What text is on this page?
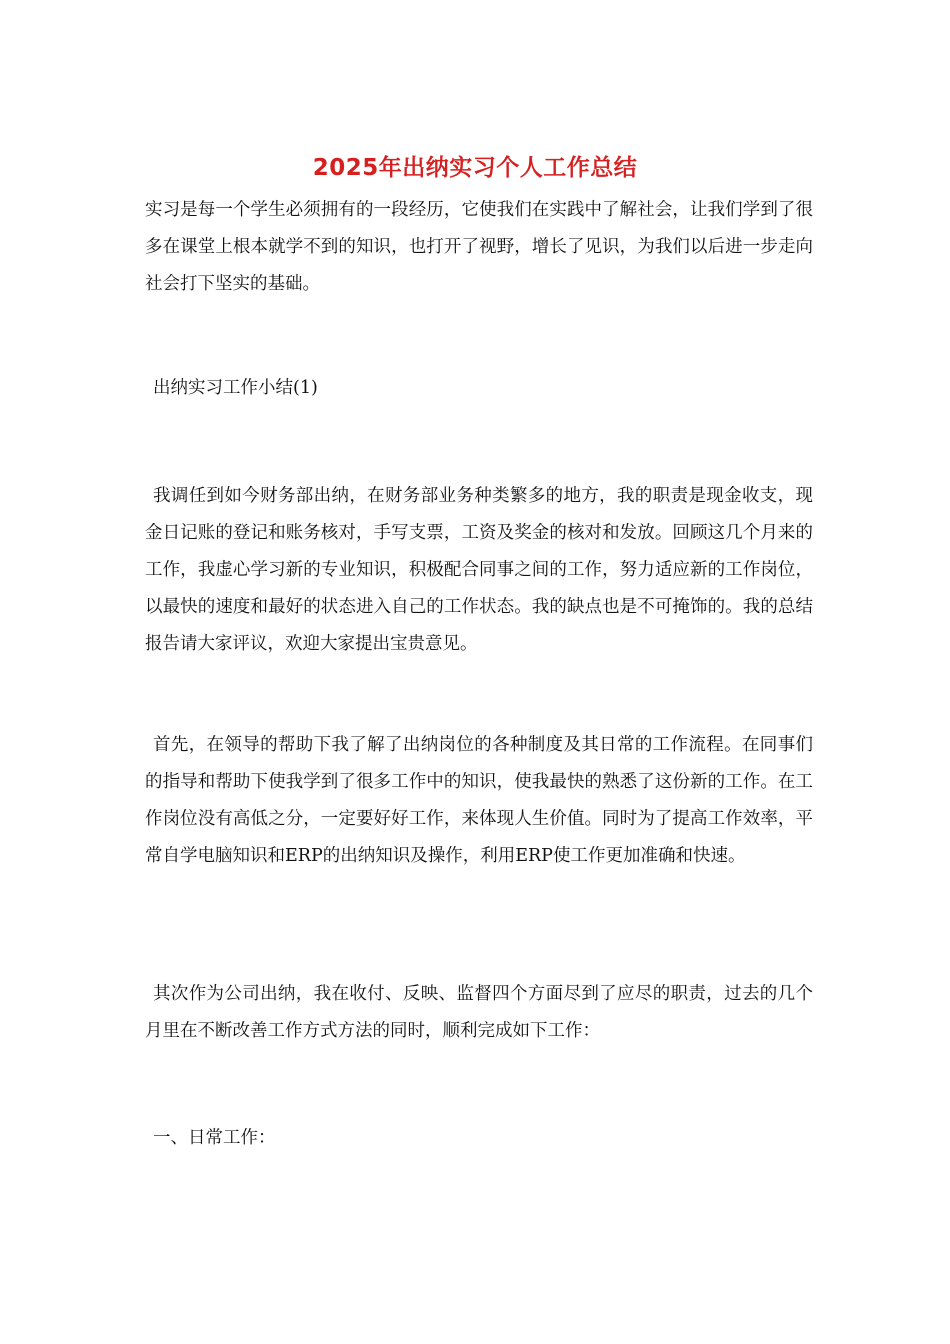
2025年出纳实习个人工作总结

实习是每一个学生必须拥有的一段经历，它使我们在实践中了解社会，让我们学到了很多在课堂上根本就学不到的知识，也打开了视野，增长了见识，为我们以后进一步走向社会打下坚实的基础。

出纳实习工作小结(1)

我调任到如今财务部出纳，在财务部业务种类繁多的地方，我的职责是现金收支，现金日记账的登记和账务核对，手写支票，工资及奖金的核对和发放。回顾这几个月来的工作，我虚心学习新的专业知识，积极配合同事之间的工作，努力适应新的工作岗位，以最快的速度和最好的状态进入自己的工作状态。我的缺点也是不可掩饰的。我的总结报告请大家评议，欢迎大家提出宝贵意见。

首先，在领导的帮助下我了解了出纳岗位的各种制度及其日常的工作流程。在同事们的指导和帮助下使我学到了很多工作中的知识，使我最快的熟悉了这份新的工作。在工作岗位没有高低之分，一定要好好工作，来体现人生价值。同时为了提高工作效率，平常自学电脑知识和ERP的出纳知识及操作，利用ERP使工作更加准确和快速。

其次作为公司出纳，我在收付、反映、监督四个方面尽到了应尽的职责，过去的几个月里在不断改善工作方式方法的同时，顺利完成如下工作：

一、日常工作：
